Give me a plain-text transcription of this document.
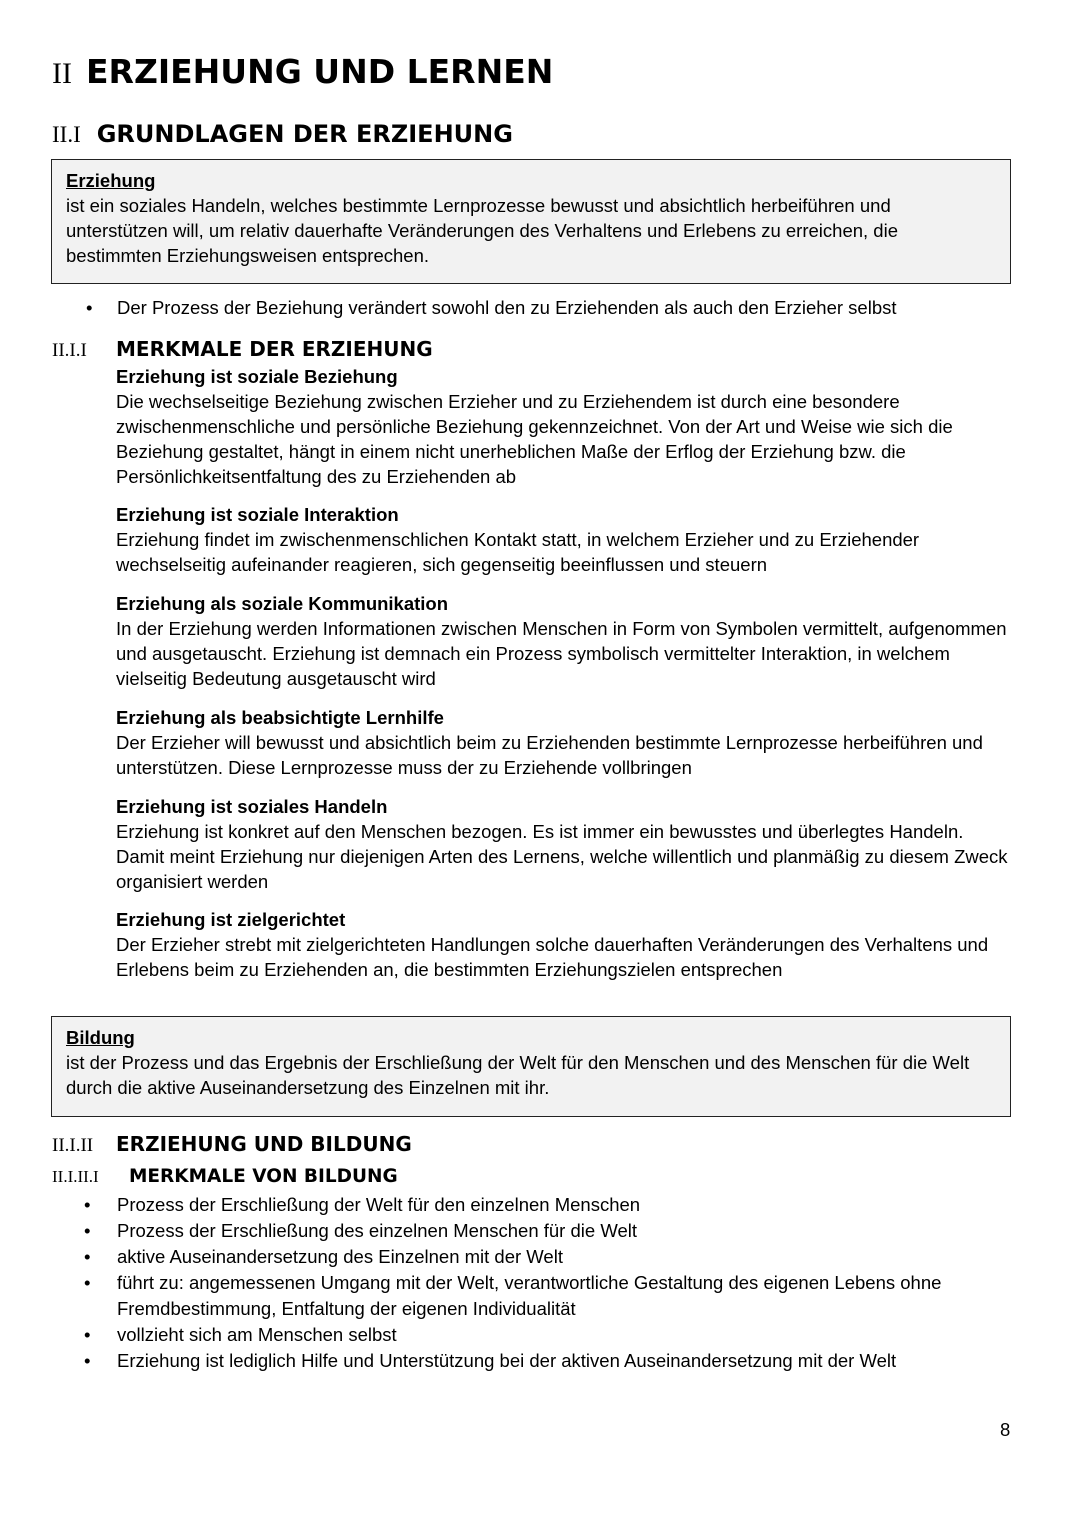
II ERZIEHUNG UND LERNEN
II.I GRUNDLAGEN DER ERZIEHUNG
Erziehung
ist ein soziales Handeln, welches bestimmte Lernprozesse bewusst und absichtlich herbeiführen und unterstützen will, um relativ dauerhafte Veränderungen des Verhaltens und Erlebens zu erreichen, die bestimmten Erziehungsweisen entsprechen.
• Der Prozess der Beziehung verändert sowohl den zu Erziehenden als auch den Erzieher selbst
II.I.I MERKMALE DER ERZIEHUNG
Erziehung ist soziale Beziehung
Die wechselseitige Beziehung zwischen Erzieher und zu Erziehendem ist durch eine besondere zwischenmenschliche und persönliche Beziehung gekennzeichnet. Von der Art und Weise wie sich die Beziehung gestaltet, hängt in einem nicht unerheblichen Maße der Erflog der Erziehung bzw. die Persönlichkeitsentfaltung des zu Erziehenden ab
Erziehung ist soziale Interaktion
Erziehung findet im zwischenmenschlichen Kontakt statt, in welchem Erzieher und zu Erziehender wechselseitig aufeinander reagieren, sich gegenseitig beeinflussen und steuern
Erziehung als soziale Kommunikation
In der Erziehung werden Informationen zwischen Menschen in Form von Symbolen vermittelt, aufgenommen und ausgetauscht. Erziehung ist demnach ein Prozess symbolisch vermittelter Interaktion, in welchem vielseitig Bedeutung ausgetauscht wird
Erziehung als beabsichtigte Lernhilfe
Der Erzieher will bewusst und absichtlich beim zu Erziehenden bestimmte Lernprozesse herbeiführen und unterstützen. Diese Lernprozesse muss der zu Erziehende vollbringen
Erziehung ist soziales Handeln
Erziehung ist konkret auf den Menschen bezogen. Es ist immer ein bewusstes und überlegtes Handeln. Damit meint Erziehung nur diejenigen Arten des Lernens, welche willentlich und planmäßig zu diesem Zweck organisiert werden
Erziehung ist zielgerichtet
Der Erzieher strebt mit zielgerichteten Handlungen solche dauerhaften Veränderungen des Verhaltens und Erlebens beim zu Erziehenden an, die bestimmten Erziehungszielen entsprechen
Bildung
ist der Prozess und das Ergebnis der Erschließung der Welt für den Menschen und des Menschen für die Welt durch die aktive Auseinandersetzung des Einzelnen mit ihr.
II.I.II ERZIEHUNG UND BILDUNG
II.I.II.I MERKMALE VON BILDUNG
• Prozess der Erschließung der Welt für den einzelnen Menschen
• Prozess der Erschließung des einzelnen Menschen für die Welt
• aktive Auseinandersetzung des Einzelnen mit der Welt
• führt zu: angemessenen Umgang mit der Welt, verantwortliche Gestaltung des eigenen Lebens ohne Fremdbestimmung, Entfaltung der eigenen Individualität
• vollzieht sich am Menschen selbst
• Erziehung ist lediglich Hilfe und Unterstützung bei der aktiven Auseinandersetzung mit der Welt
8
